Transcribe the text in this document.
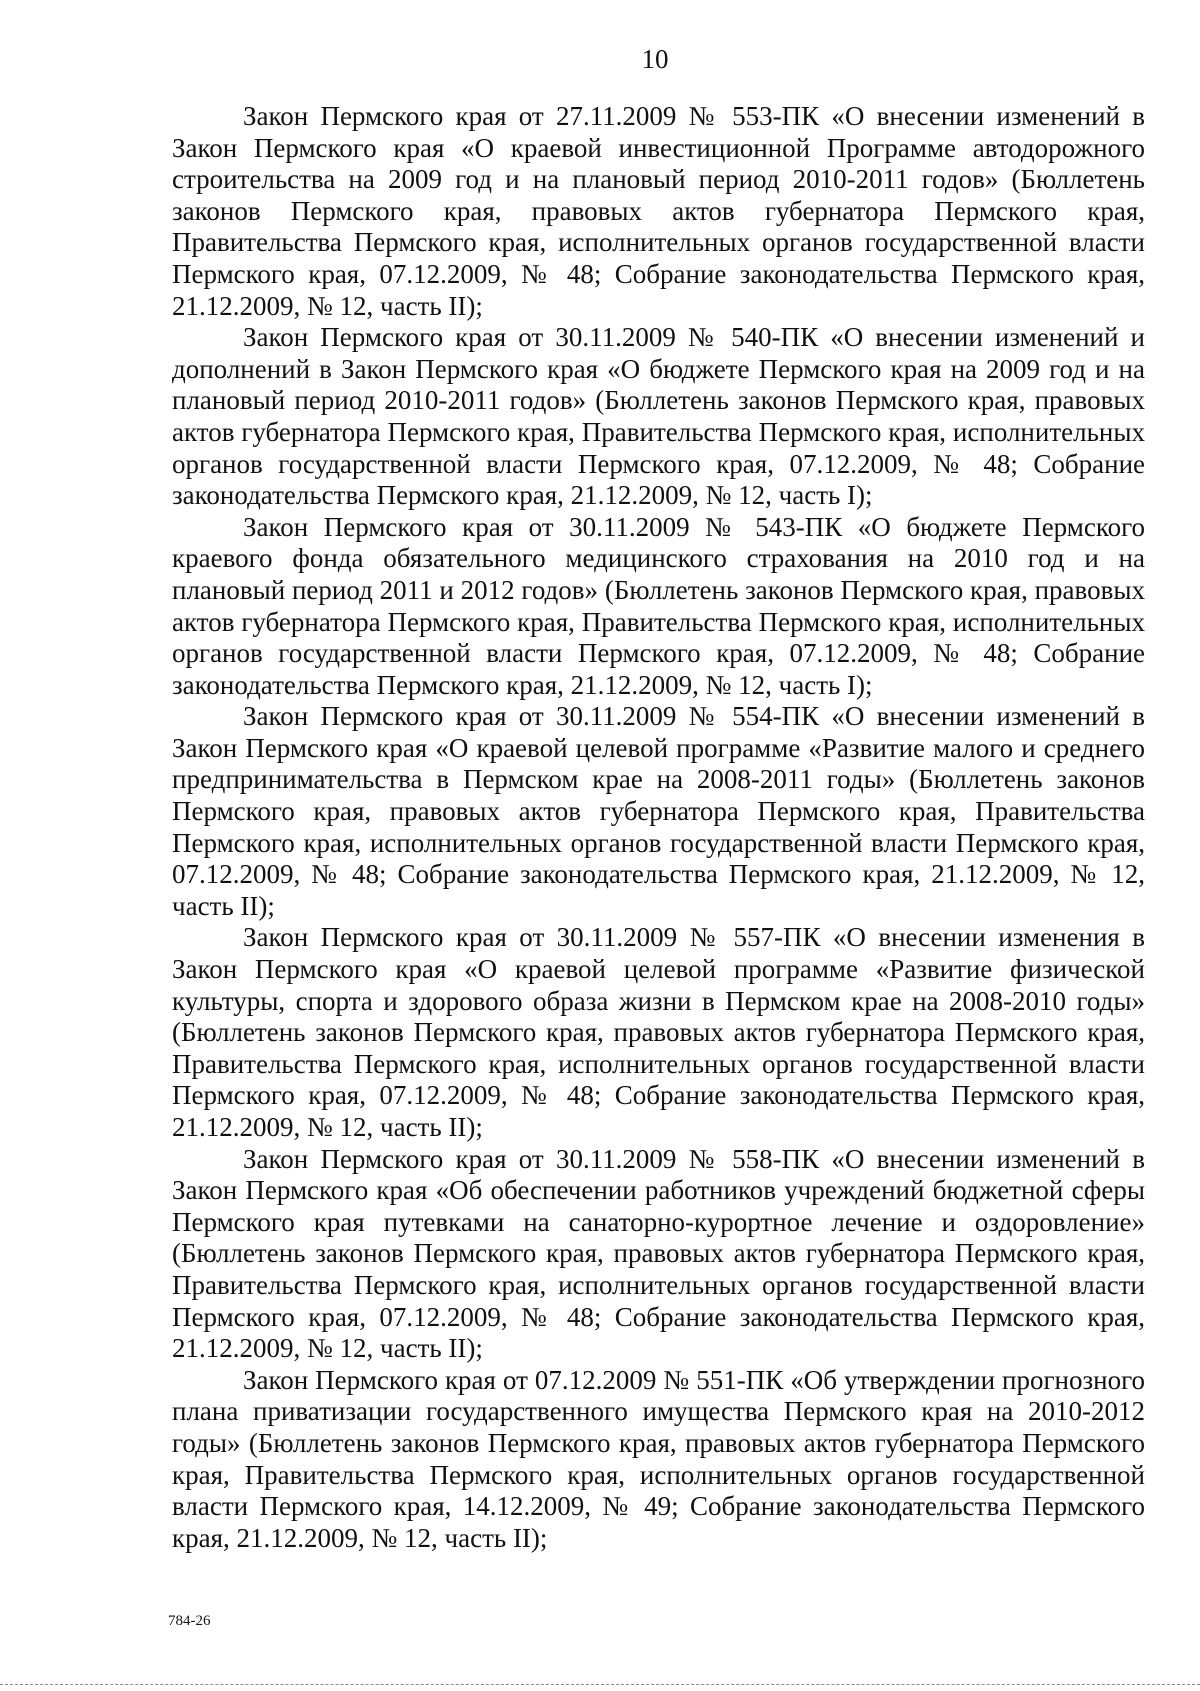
10

Закон Пермского края от 27.11.2009 № 553-ПК «О внесении изменений в Закон Пермского края «О краевой инвестиционной Программе автодорожного строительства на 2009 год и на плановый период 2010-2011 годов» (Бюллетень законов Пермского края, правовых актов губернатора Пермского края, Правительства Пермского края, исполнительных органов государственной власти Пермского края, 07.12.2009, № 48; Собрание законодательства Пермского края, 21.12.2009, № 12, часть II);

Закон Пермского края от 30.11.2009 № 540-ПК «О внесении изменений и дополнений в Закон Пермского края «О бюджете Пермского края на 2009 год и на плановый период 2010-2011 годов» (Бюллетень законов Пермского края, правовых актов губернатора Пермского края, Правительства Пермского края, исполнительных органов государственной власти Пермского края, 07.12.2009, № 48; Собрание законодательства Пермского края, 21.12.2009, № 12, часть I);

Закон Пермского края от 30.11.2009 № 543-ПК «О бюджете Пермского краевого фонда обязательного медицинского страхования на 2010 год и на плановый период 2011 и 2012 годов» (Бюллетень законов Пермского края, правовых актов губернатора Пермского края, Правительства Пермского края, исполнительных органов государственной власти Пермского края, 07.12.2009, № 48; Собрание законодательства Пермского края, 21.12.2009, № 12, часть I);

Закон Пермского края от 30.11.2009 № 554-ПК «О внесении изменений в Закон Пермского края «О краевой целевой программе «Развитие малого и среднего предпринимательства в Пермском крае на 2008-2011 годы» (Бюллетень законов Пермского края, правовых актов губернатора Пермского края, Правительства Пермского края, исполнительных органов государственной власти Пермского края, 07.12.2009, № 48; Собрание законодательства Пермского края, 21.12.2009, № 12, часть II);

Закон Пермского края от 30.11.2009 № 557-ПК «О внесении изменения в Закон Пермского края «О краевой целевой программе «Развитие физической культуры, спорта и здорового образа жизни в Пермском крае на 2008-2010 годы» (Бюллетень законов Пермского края, правовых актов губернатора Пермского края, Правительства Пермского края, исполнительных органов государственной власти Пермского края, 07.12.2009, № 48; Собрание законодательства Пермского края, 21.12.2009, № 12, часть II);

Закон Пермского края от 30.11.2009 № 558-ПК «О внесении изменений в Закон Пермского края «Об обеспечении работников учреждений бюджетной сферы Пермского края путевками на санаторно-курортное лечение и оздоровление» (Бюллетень законов Пермского края, правовых актов губернатора Пермского края, Правительства Пермского края, исполнительных органов государственной власти Пермского края, 07.12.2009, № 48; Собрание законодательства Пермского края, 21.12.2009, № 12, часть II);

Закон Пермского края от 07.12.2009 № 551-ПК «Об утверждении прогнозного плана приватизации государственного имущества Пермского края на 2010-2012 годы» (Бюллетень законов Пермского края, правовых актов губернатора Пермского края, Правительства Пермского края, исполнительных органов государственной власти Пермского края, 14.12.2009, № 49; Собрание законодательства Пермского края, 21.12.2009, № 12, часть II);

784-26
